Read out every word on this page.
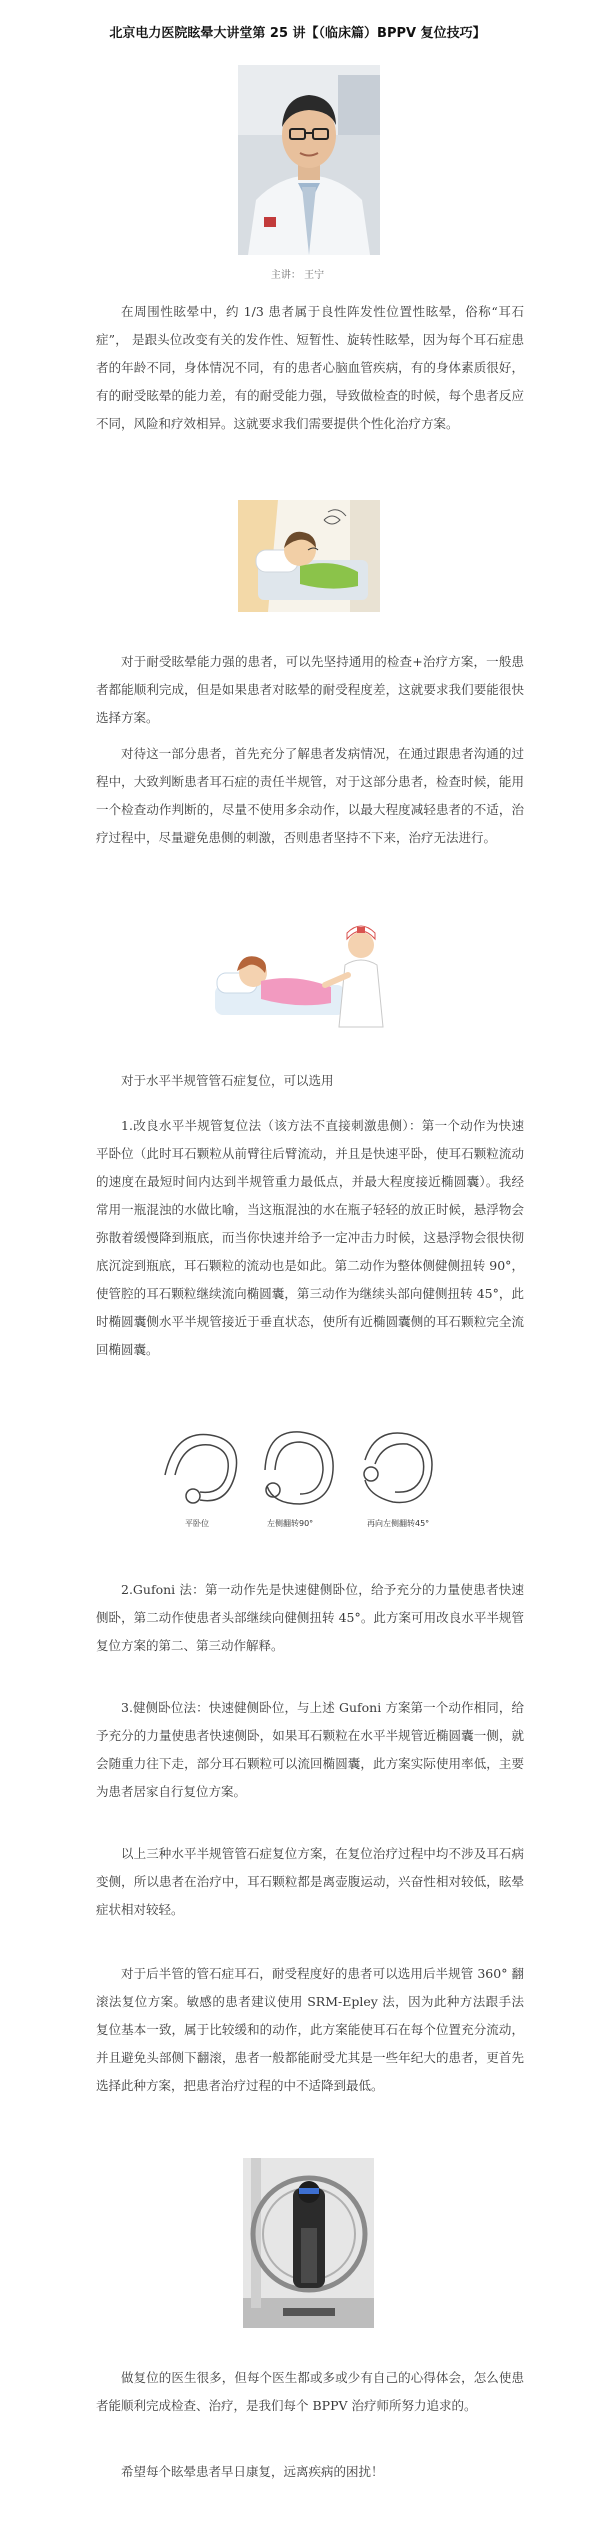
北京电力医院眩晕大讲堂第 25 讲【（临床篇）BPPV 复位技巧】
主讲： 王宁
在周围性眩晕中，约 1/3 患者属于良性阵发性位置性眩晕，俗称“耳石症”， 是跟头位改变有关的发作性、短暂性、旋转性眩晕，因为每个耳石症患者的年龄不同，身体情况不同，有的患者心脑血管疾病，有的身体素质很好，有的耐受眩晕的能力差，有的耐受能力强，导致做检查的时候，每个患者反应不同，风险和疗效相异。这就要求我们需要提供个性化治疗方案。
对于耐受眩晕能力强的患者，可以先坚持通用的检查+治疗方案，一般患者都能顺利完成，但是如果患者对眩晕的耐受程度差，这就要求我们要能很快选择方案。
对待这一部分患者，首先充分了解患者发病情况，在通过跟患者沟通的过程中，大致判断患者耳石症的责任半规管，对于这部分患者，检查时候，能用一个检查动作判断的，尽量不使用多余动作，以最大程度减轻患者的不适，治疗过程中，尽量避免患侧的刺激，否则患者坚持不下来，治疗无法进行。
对于水平半规管管石症复位，可以选用
1.改良水平半规管复位法（该方法不直接刺激患侧）：第一个动作为快速平卧位（此时耳石颗粒从前臂往后臂流动，并且是快速平卧，使耳石颗粒流动的速度在最短时间内达到半规管重力最低点，并最大程度接近椭圆囊）。我经常用一瓶混浊的水做比喻，当这瓶混浊的水在瓶子轻轻的放正时候，悬浮物会弥散着缓慢降到瓶底，而当你快速并给予一定冲击力时候，这悬浮物会很快彻底沉淀到瓶底，耳石颗粒的流动也是如此。第二动作为整体侧健侧扭转 90°，使管腔的耳石颗粒继续流向椭圆囊，第三动作为继续头部向健侧扭转 45°，此时椭圆囊侧水平半规管接近于垂直状态，使所有近椭圆囊侧的耳石颗粒完全流回椭圆囊。
平卧位	左侧翻转90°	再向左侧翻转45°
2.Gufoni 法：第一动作先是快速健侧卧位，给予充分的力量使患者快速侧卧，第二动作使患者头部继续向健侧扭转 45°。此方案可用改良水平半规管复位方案的第二、第三动作解释。
3.健侧卧位法：快速健侧卧位，与上述 Gufoni 方案第一个动作相同，给予充分的力量使患者快速侧卧，如果耳石颗粒在水平半规管近椭圆囊一侧，就会随重力往下走，部分耳石颗粒可以流回椭圆囊，此方案实际使用率低，主要为患者居家自行复位方案。
以上三种水平半规管管石症复位方案，在复位治疗过程中均不涉及耳石病变侧，所以患者在治疗中，耳石颗粒都是离壶腹运动，兴奋性相对较低，眩晕症状相对较轻。
对于后半管的管石症耳石，耐受程度好的患者可以选用后半规管 360° 翻滚法复位方案。敏感的患者建议使用 SRM-Epley 法，因为此种方法跟手法复位基本一致，属于比较缓和的动作，此方案能使耳石在每个位置充分流动，并且避免头部侧下翻滚，患者一般都能耐受尤其是一些年纪大的患者，更首先选择此种方案，把患者治疗过程的中不适降到最低。
做复位的医生很多，但每个医生都或多或少有自己的心得体会，怎么使患者能顺利完成检查、治疗，是我们每个 BPPV 治疗师所努力追求的。
希望每个眩晕患者早日康复，远离疾病的困扰！
